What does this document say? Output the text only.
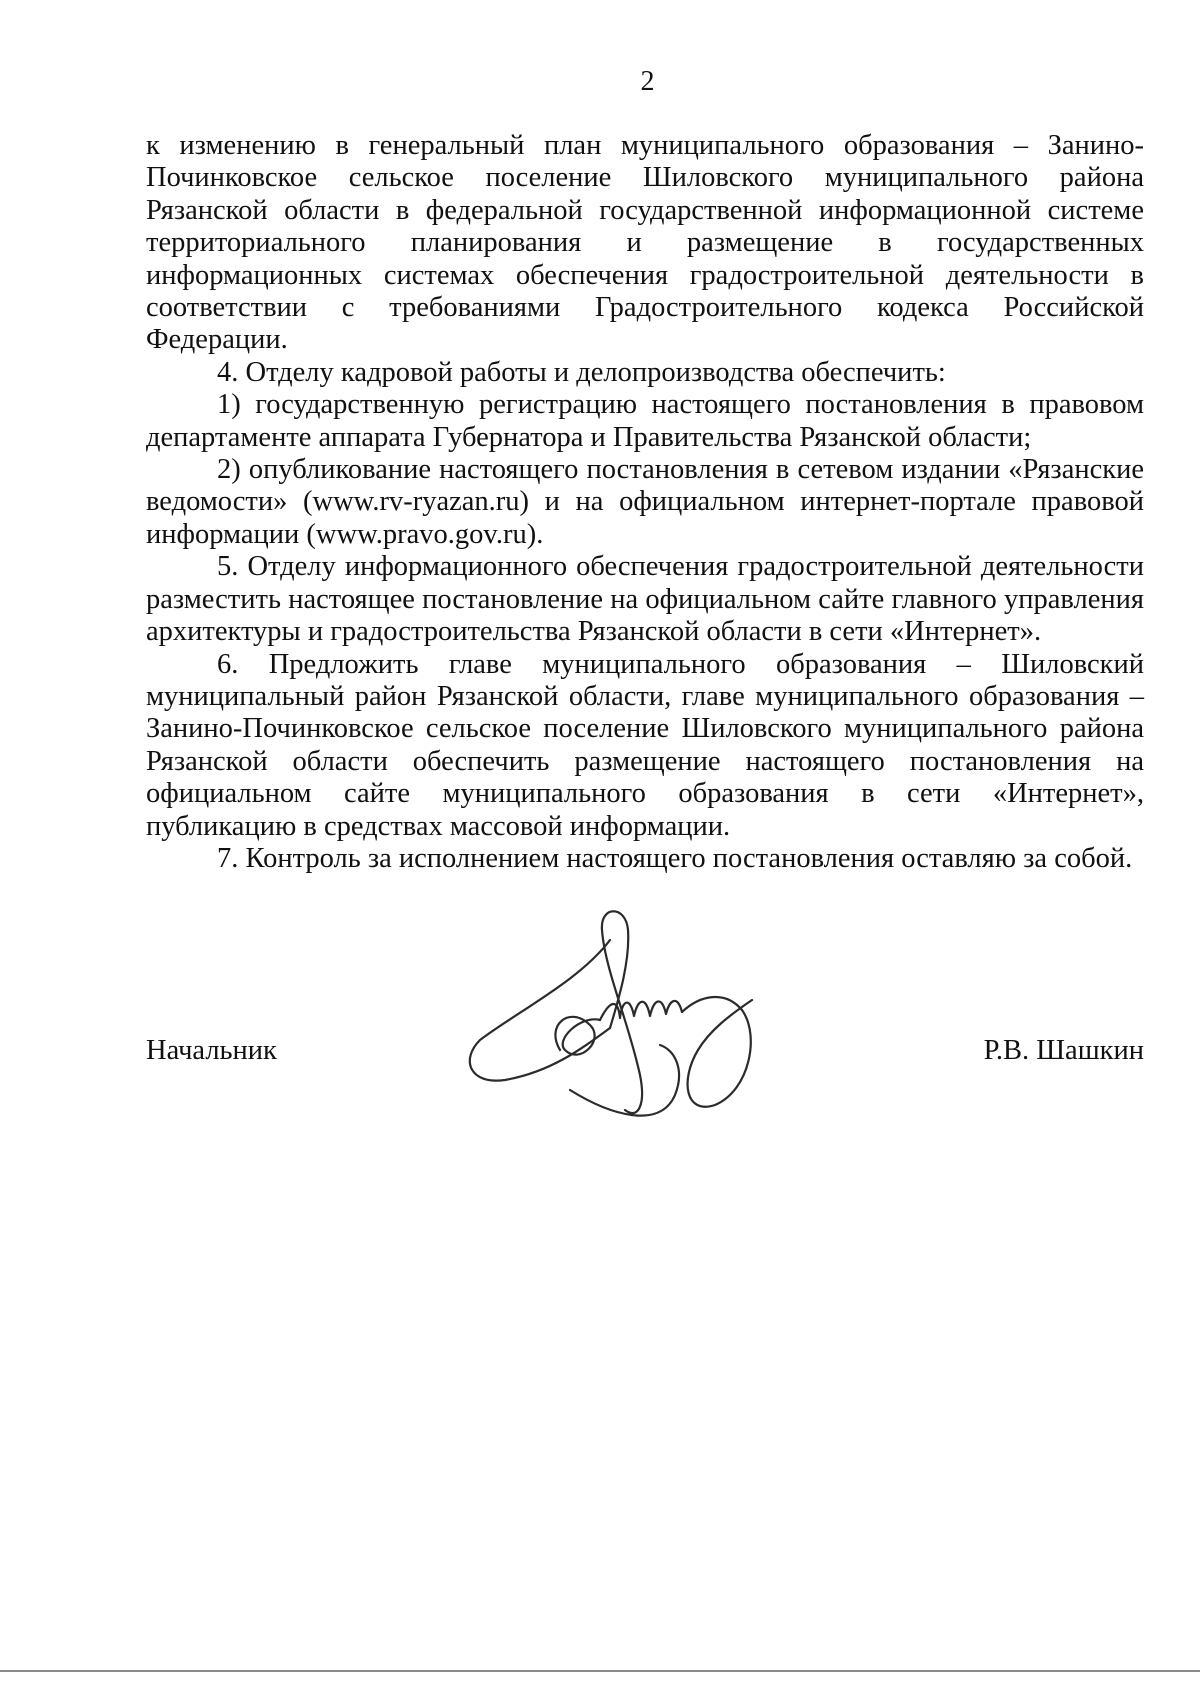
2

к изменению в генеральный план муниципального образования – Занино-Починковское сельское поселение Шиловского муниципального района Рязанской области в федеральной государственной информационной системе территориального планирования и размещение в государственных информационных системах обеспечения градостроительной деятельности в соответствии с требованиями Градостроительного кодекса Российской Федерации.

4. Отделу кадровой работы и делопроизводства обеспечить:

1) государственную регистрацию настоящего постановления в правовом департаменте аппарата Губернатора и Правительства Рязанской области;

2) опубликование настоящего постановления в сетевом издании «Рязанские ведомости» (www.rv-ryazan.ru) и на официальном интернет-портале правовой информации (www.pravo.gov.ru).

5. Отделу информационного обеспечения градостроительной деятельности разместить настоящее постановление на официальном сайте главного управления архитектуры и градостроительства Рязанской области в сети «Интернет».

6. Предложить главе муниципального образования – Шиловский муниципальный район Рязанской области, главе муниципального образования – Занино-Починковское сельское поселение Шиловского муниципального района Рязанской области обеспечить размещение настоящего постановления на официальном сайте муниципального образования в сети «Интернет», публикацию в средствах массовой информации.

7. Контроль за исполнением настоящего постановления оставляю за собой.

Начальник	Р.В. Шашкин
